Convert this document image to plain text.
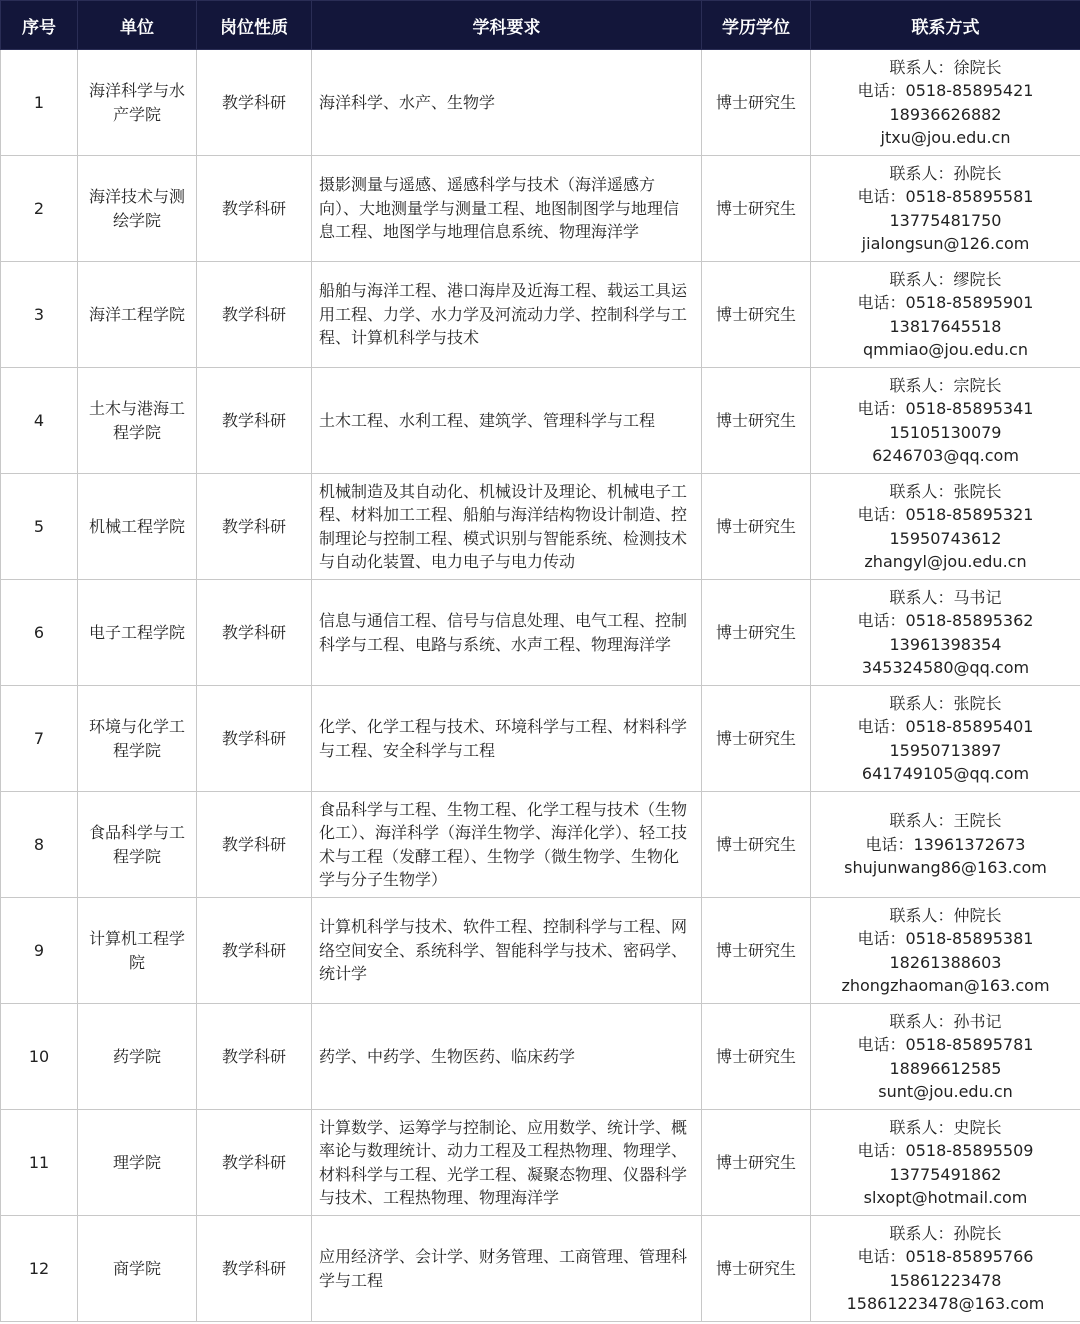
序号	单位	岗位性质	学科要求	学历学位	联系方式
1	海洋科学与水产学院	教学科研	海洋科学、水产、生物学	博士研究生	联系人：徐院长
电话：0518-85895421
18936626882
jtxu@jou.edu.cn

2	海洋技术与测绘学院	教学科研	摄影测量与遥感、遥感科学与技术（海洋遥感方向）、大地测量学与测量工程、地图制图学与地理信息工程、地图学与地理信息系统、物理海洋学	博士研究生	联系人：孙院长
电话：0518-85895581
13775481750
jialongsun@126.com

3	海洋工程学院	教学科研	船舶与海洋工程、港口海岸及近海工程、载运工具运用工程、力学、水力学及河流动力学、控制科学与工程、计算机科学与技术	博士研究生	联系人：缪院长
电话：0518-85895901
13817645518
qmmiao@jou.edu.cn

4	土木与港海工程学院	教学科研	土木工程、水利工程、建筑学、管理科学与工程	博士研究生	联系人：宗院长
电话：0518-85895341
15105130079
6246703@qq.com

5	机械工程学院	教学科研	机械制造及其自动化、机械设计及理论、机械电子工程、材料加工工程、船舶与海洋结构物设计制造、控制理论与控制工程、模式识别与智能系统、检测技术与自动化装置、电力电子与电力传动	博士研究生	联系人：张院长
电话：0518-85895321
15950743612
zhangyl@jou.edu.cn

6	电子工程学院	教学科研	信息与通信工程、信号与信息处理、电气工程、控制科学与工程、电路与系统、水声工程、物理海洋学	博士研究生	联系人：马书记
电话：0518-85895362
13961398354
345324580@qq.com

7	环境与化学工程学院	教学科研	化学、化学工程与技术、环境科学与工程、材料科学与工程、安全科学与工程	博士研究生	联系人：张院长
电话：0518-85895401
15950713897
641749105@qq.com

8	食品科学与工程学院	教学科研	食品科学与工程、生物工程、化学工程与技术（生物化工）、海洋科学（海洋生物学、海洋化学）、轻工技术与工程（发酵工程）、生物学（微生物学、生物化学与分子生物学）	博士研究生	联系人：王院长
电话：13961372673
shujunwang86@163.com

9	计算机工程学院	教学科研	计算机科学与技术、软件工程、控制科学与工程、网络空间安全、系统科学、智能科学与技术、密码学、统计学	博士研究生	联系人：仲院长
电话：0518-85895381
18261388603
zhongzhaoman@163.com

10	药学院	教学科研	药学、中药学、生物医药、临床药学	博士研究生	联系人：孙书记
电话：0518-85895781
18896612585
sunt@jou.edu.cn

11	理学院	教学科研	计算数学、运筹学与控制论、应用数学、统计学、概率论与数理统计、动力工程及工程热物理、物理学、材料科学与工程、光学工程、凝聚态物理、仪器科学与技术、工程热物理、物理海洋学	博士研究生	联系人：史院长
电话：0518-85895509
13775491862
slxopt@hotmail.com

12	商学院	教学科研	应用经济学、会计学、财务管理、工商管理、管理科学与工程	博士研究生	联系人：孙院长
电话：0518-85895766
15861223478
15861223478@163.com
